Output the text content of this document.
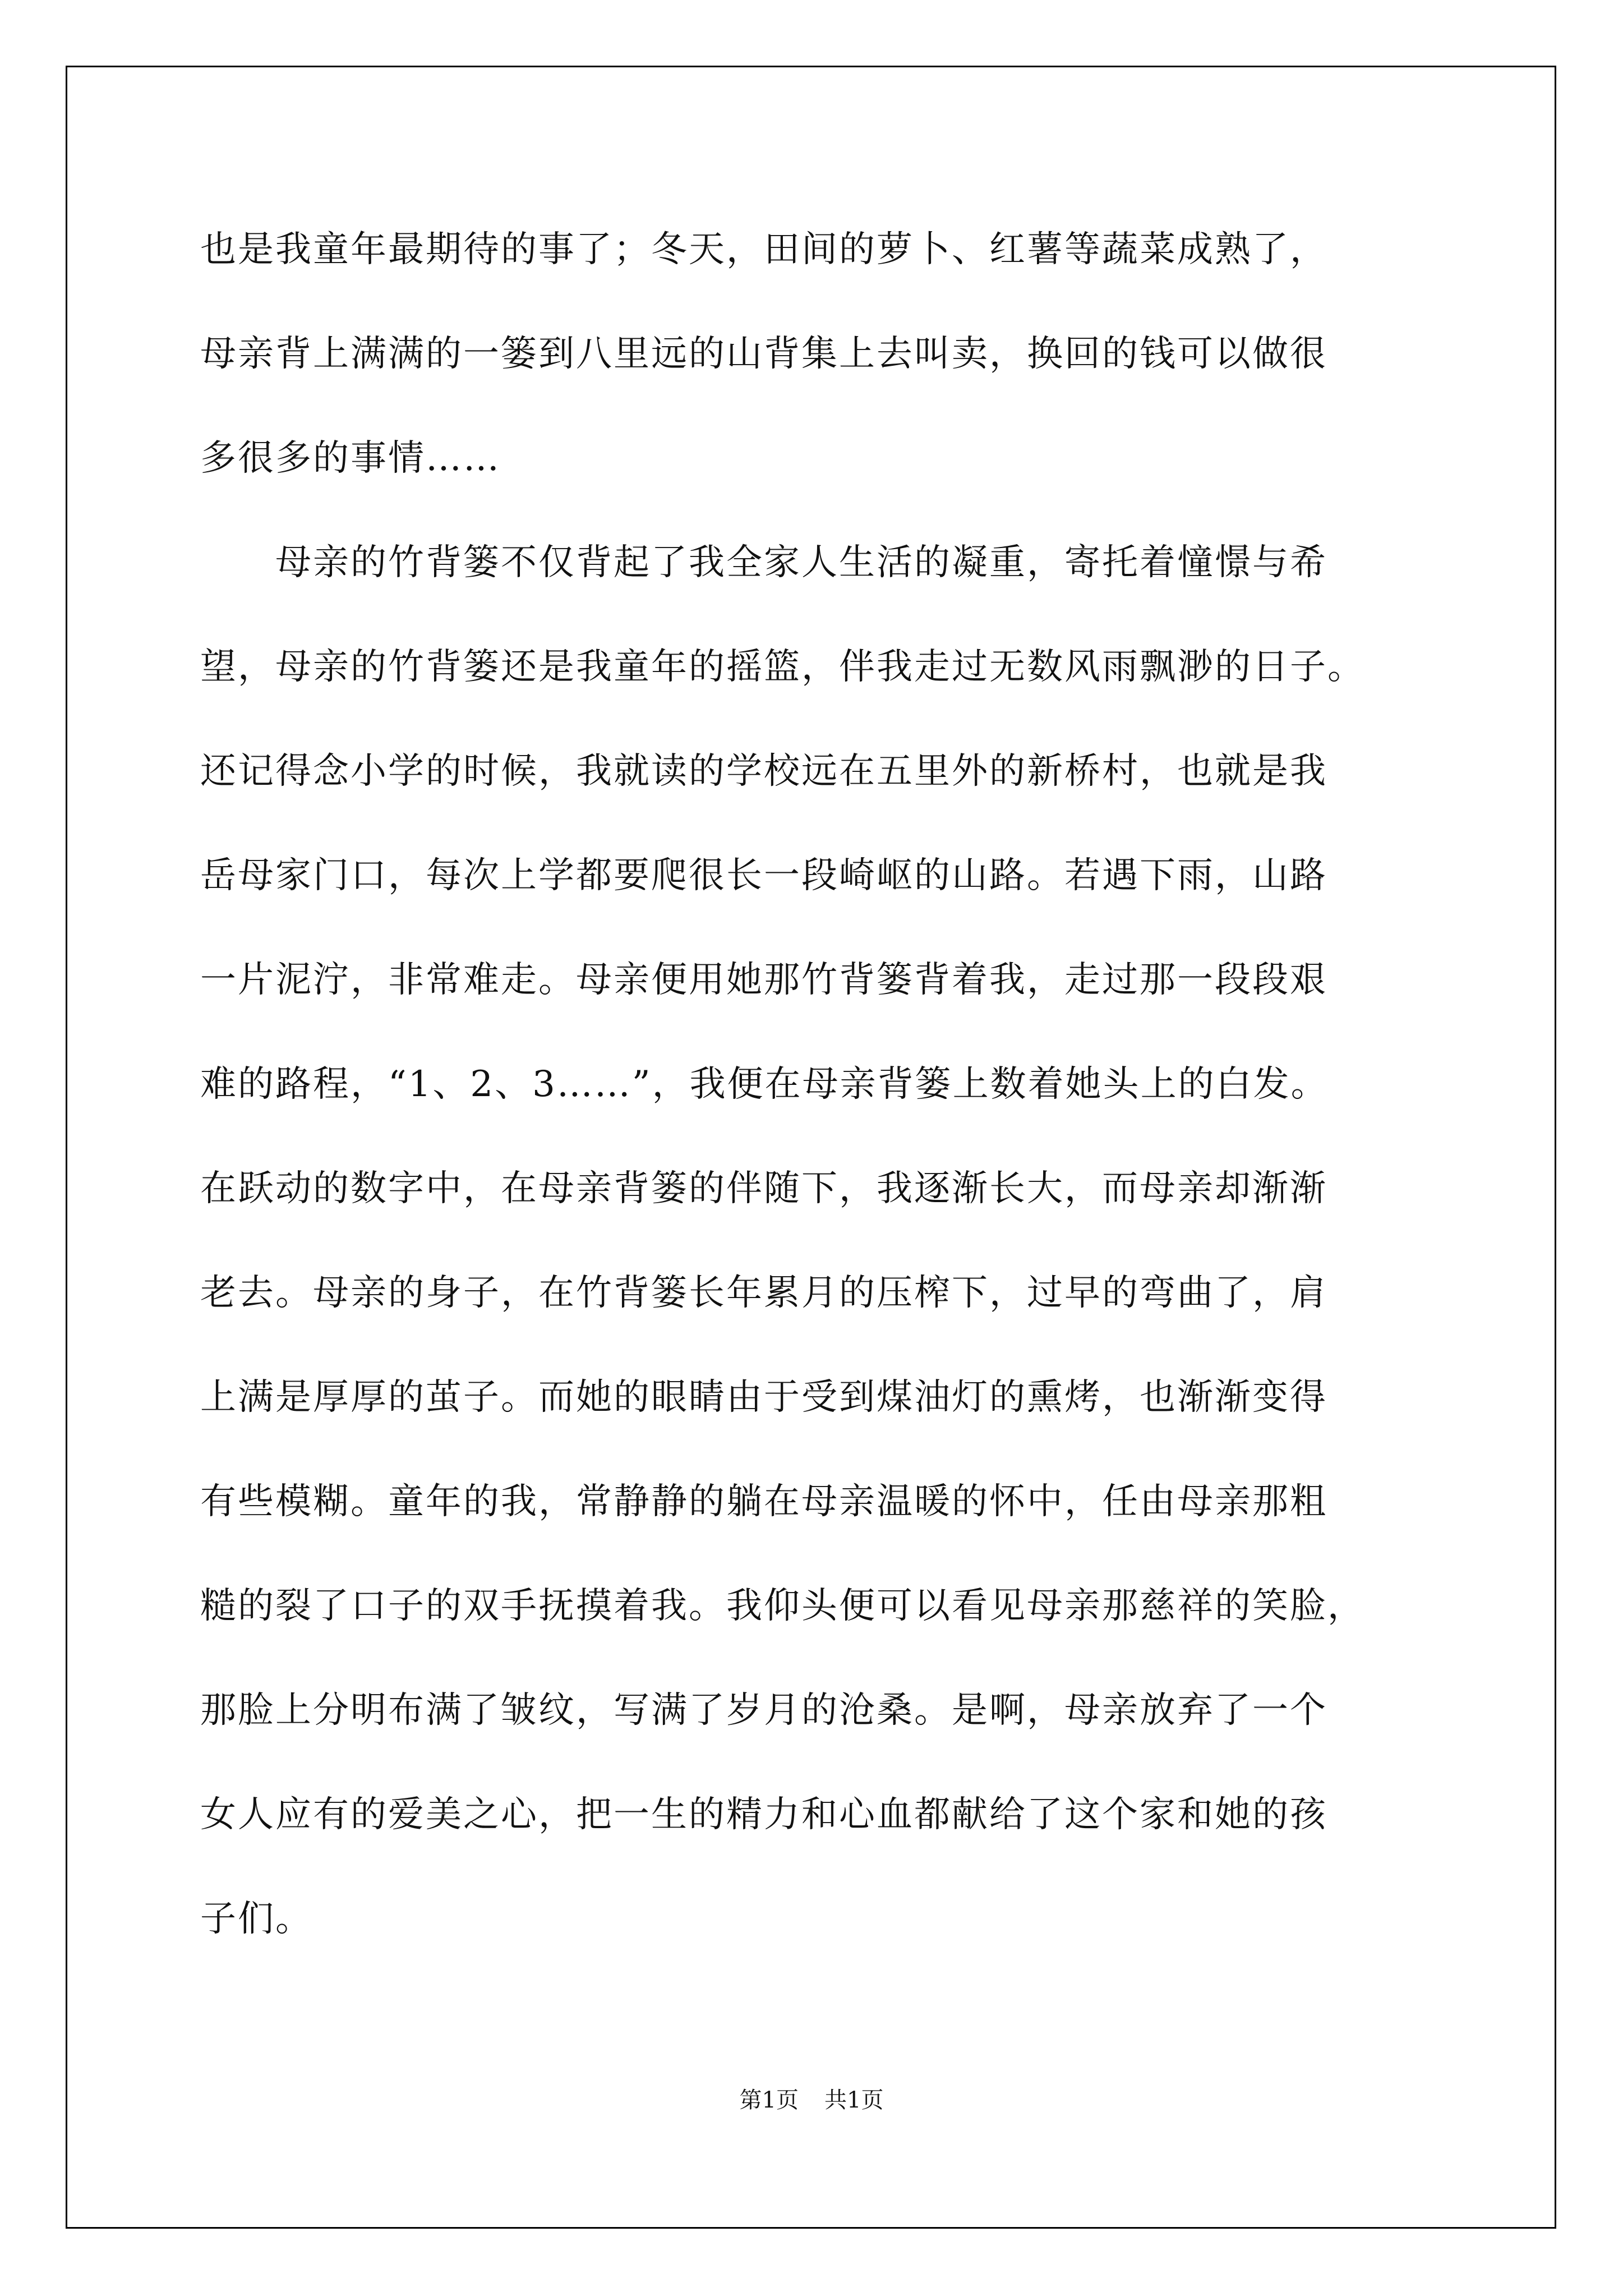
也是我童年最期待的事了；冬天，田间的萝卜、红薯等蔬菜成熟了，
母亲背上满满的一篓到八里远的山背集上去叫卖，换回的钱可以做很
多很多的事情……
　　母亲的竹背篓不仅背起了我全家人生活的凝重，寄托着憧憬与希
望，母亲的竹背篓还是我童年的摇篮，伴我走过无数风雨飘渺的日子。
还记得念小学的时候，我就读的学校远在五里外的新桥村，也就是我
岳母家门口，每次上学都要爬很长一段崎岖的山路。若遇下雨，山路
一片泥泞，非常难走。母亲便用她那竹背篓背着我，走过那一段段艰
难的路程，“1、2、3……”，我便在母亲背篓上数着她头上的白发。
在跃动的数字中，在母亲背篓的伴随下，我逐渐长大，而母亲却渐渐
老去。母亲的身子，在竹背篓长年累月的压榨下，过早的弯曲了，肩
上满是厚厚的茧子。而她的眼睛由于受到煤油灯的熏烤，也渐渐变得
有些模糊。童年的我，常静静的躺在母亲温暖的怀中，任由母亲那粗
糙的裂了口子的双手抚摸着我。我仰头便可以看见母亲那慈祥的笑脸，
那脸上分明布满了皱纹，写满了岁月的沧桑。是啊，母亲放弃了一个
女人应有的爱美之心，把一生的精力和心血都献给了这个家和她的孩
子们。
第1页 共1页
